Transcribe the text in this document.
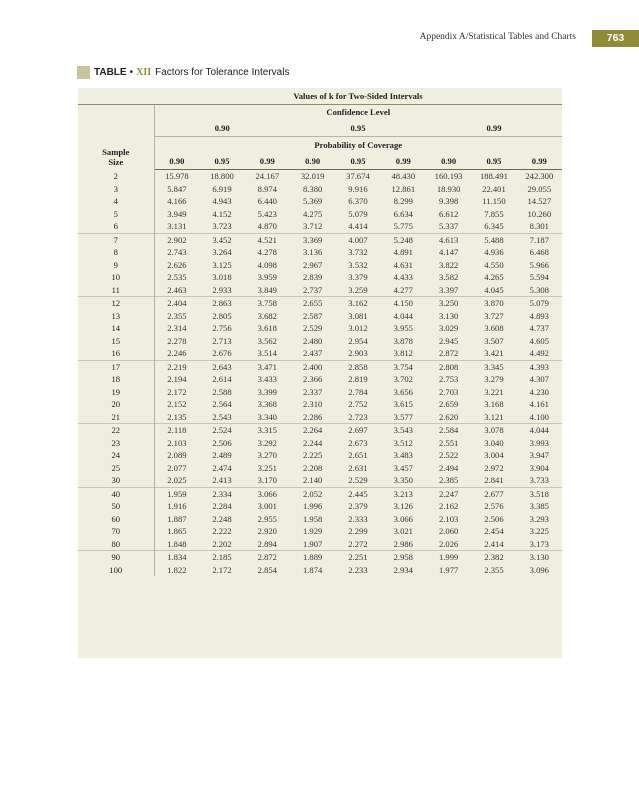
Appendix A/Statistical Tables and Charts	763
TABLE • XII Factors for Tolerance Intervals
	Values of k for Two-Sided Intervals								
Sample
Size	Confidence Level								
	0.90			0.95			0.99		
	Probability of Coverage								
	0.90	0.95	0.99	0.90	0.95	0.99	0.90	0.95	0.99
2	15.978	18.800	24.167	32.019	37.674	48.430	160.193	188.491	242.300
3	5.847	6.919	8.974	8.380	9.916	12.861	18.930	22.401	29.055
4	4.166	4.943	6.440	5.369	6.370	8.299	9.398	11.150	14.527
5	3.949	4.152	5.423	4.275	5.079	6.634	6.612	7.855	10.260
6	3.131	3.723	4.870	3.712	4.414	5.775	5.337	6.345	8.301
7	2.902	3.452	4.521	3.369	4.007	5.248	4.613	5.488	7.187
8	2.743	3.264	4.278	3.136	3.732	4.891	4.147	4.936	6.468
9	2.626	3.125	4.098	2.967	3.532	4.631	3.822	4.550	5.966
10	2.535	3.018	3.959	2.839	3.379	4.433	3.582	4.265	5.594
11	2.463	2.933	3.849	2.737	3.259	4.277	3.397	4.045	5.308
12	2.404	2.863	3.758	2.655	3.162	4.150	3.250	3.870	5.079
13	2.355	2.805	3.682	2.587	3.081	4.044	3.130	3.727	4.893
14	2.314	2.756	3.618	2.529	3.012	3.955	3.029	3.608	4.737
15	2.278	2.713	3.562	2.480	2.954	3.878	2.945	3.507	4.605
16	2.246	2.676	3.514	2.437	2.903	3.812	2.872	3.421	4.492
17	2.219	2.643	3.471	2.400	2.858	3.754	2.808	3.345	4.393
18	2.194	2.614	3.433	2.366	2.819	3.702	2.753	3.279	4.307
19	2.172	2.588	3.399	2.337	2.784	3.656	2.703	3.221	4.230
20	2.152	2.564	3.368	2.310	2.752	3.615	2.659	3.168	4.161
21	2.135	2.543	3.340	2.286	2.723	3.577	2.620	3.121	4.100
22	2.118	2.524	3.315	2.264	2.697	3.543	2.584	3.078	4.044
23	2.103	2.506	3.292	2.244	2.673	3.512	2.551	3.040	3.993
24	2.089	2.489	3.270	2.225	2.651	3.483	2.522	3.004	3.947
25	2.077	2.474	3.251	2.208	2.631	3.457	2.494	2.972	3.904
30	2.025	2.413	3.170	2.140	2.529	3.350	2.385	2.841	3.733
40	1.959	2.334	3.066	2.052	2.445	3.213	2.247	2.677	3.518
50	1.916	2.284	3.001	1.996	2.379	3.126	2.162	2.576	3.385
60	1.887	2.248	2.955	1.958	2.333	3.066	2.103	2.506	3.293
70	1.865	2.222	2.920	1.929	2.299	3.021	2.060	2.454	3.225
80	1.848	2.202	2.894	1.907	2.272	2.986	2.026	2.414	3.173
90	1.834	2.185	2.872	1.889	2.251	2.958	1.999	2.382	3.130
100	1.822	2.172	2.854	1.874	2.233	2.934	1.977	2.355	3.096
